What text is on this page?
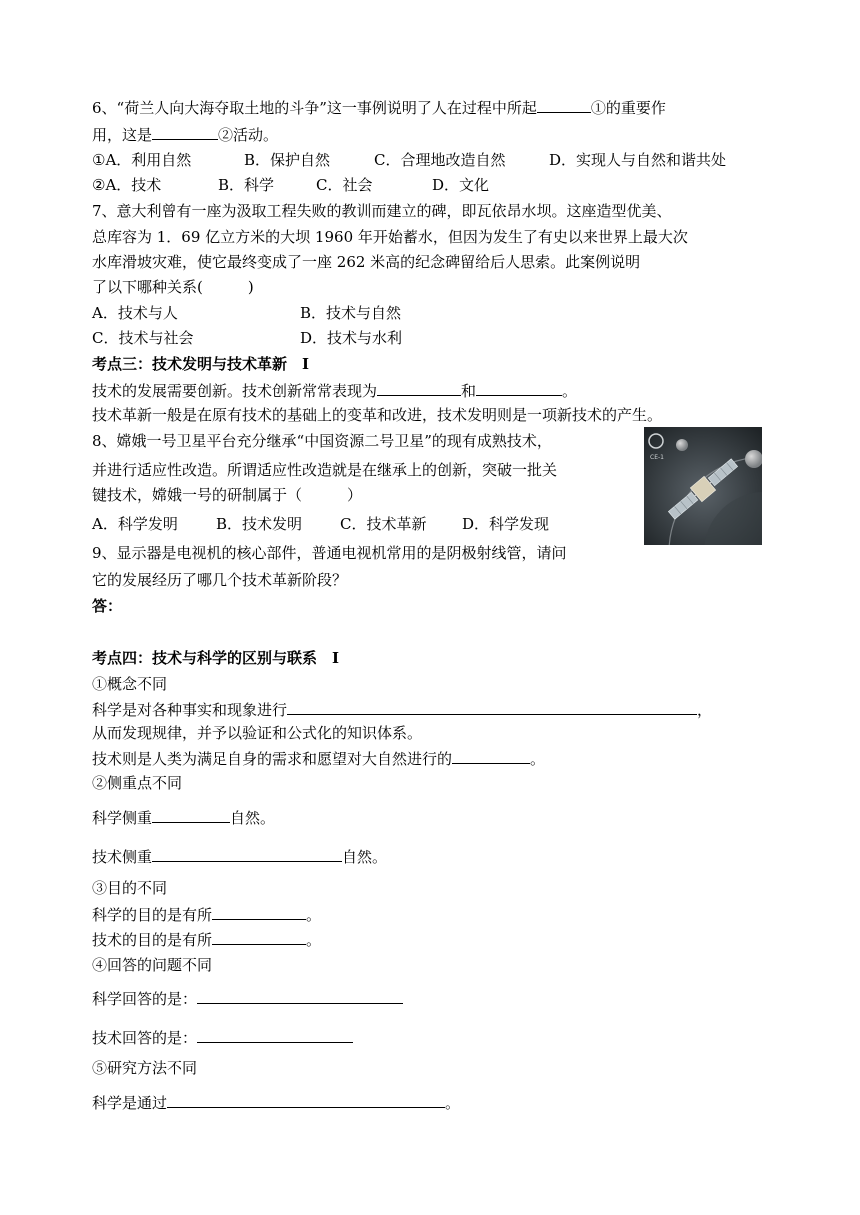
6、“荷兰人向大海夺取土地的斗争”这一事例说明了人在过程中所起	①的重要作
用，这是	②活动。
①A．利用自然	B．保护自然	C．合理地改造自然	D．实现人与自然和谐共处
②A．技术	B．科学	C．社会	D．文化
7、意大利曾有一座为汲取工程失败的教训而建立的碑，即瓦依昂水坝。这座造型优美、
总库容为 1．69 亿立方米的大坝 1960 年开始蓄水，但因为发生了有史以来世界上最大次
水库滑坡灾难，使它最终变成了一座 262 米高的纪念碑留给后人思索。此案例说明
了以下哪种关系(　　　)
A．技术与人	B．技术与自然
C．技术与社会	D．技术与水利
考点三：技术发明与技术革新　Ⅰ
技术的发展需要创新。技术创新常常表现为	和	。
技术革新一般是在原有技术的基础上的变革和改进，技术发明则是一项新技术的产生。
8、嫦娥一号卫星平台充分继承“中国资源二号卫星”的现有成熟技术，
并进行适应性改造。所谓适应性改造就是在继承上的创新，突破一批关
键技术，嫦娥一号的研制属于（　　　）
A．科学发明	B．技术发明	C．技术革新 D．科学发现
CE-1
9、显示器是电视机的核心部件，普通电视机常用的是阴极射线管，请问
它的发展经历了哪几个技术革新阶段？
答：
考点四：技术与科学的区别与联系　Ⅰ
①概念不同
科学是对各种事实和现象进行	，
从而发现规律，并予以验证和公式化的知识体系。
技术则是人类为满足自身的需求和愿望对大自然进行的	。
②侧重点不同
科学侧重	自然。
技术侧重	自然。
③目的不同
科学的目的是有所	。
技术的目的是有所	。
④回答的问题不同
科学回答的是：
技术回答的是：
⑤研究方法不同
科学是通过	。
